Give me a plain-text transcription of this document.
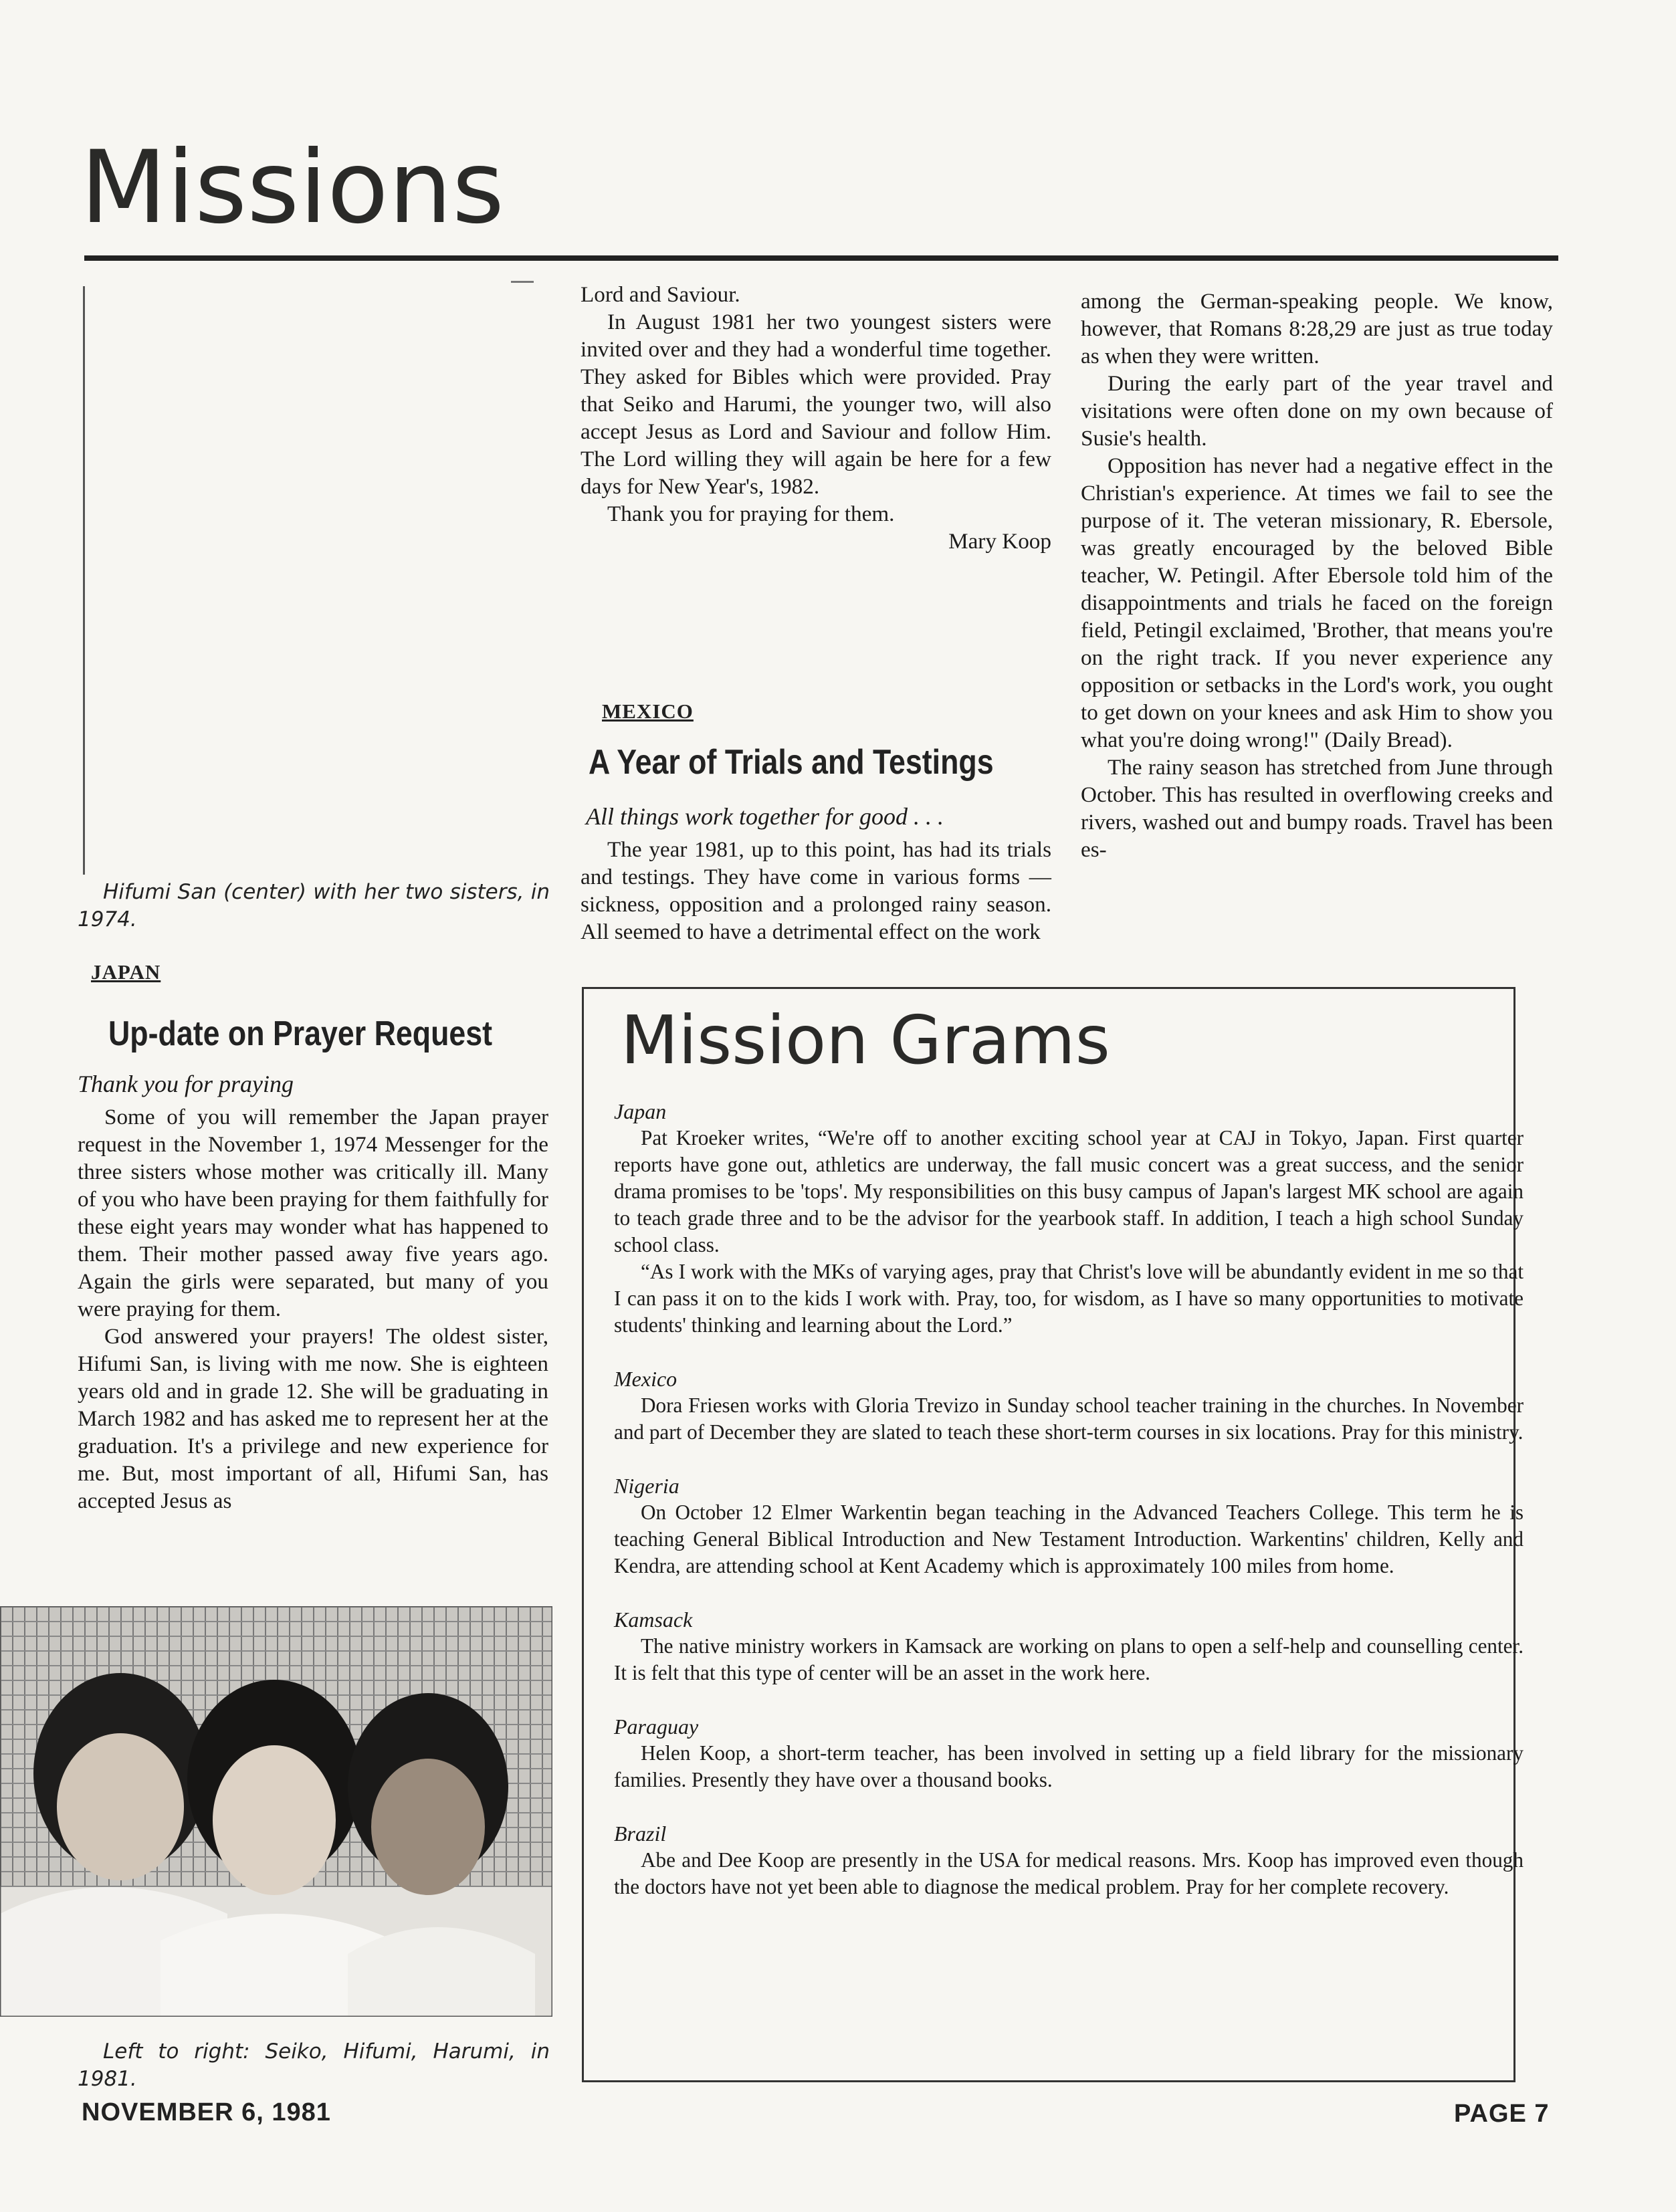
Missions
Hifumi San (center) with her two sisters, in 1974.
JAPAN
Up-date on Prayer Request
Thank you for praying

Some of you will remember the Japan prayer request in the November 1, 1974 Messenger for the three sisters whose mother was critically ill. Many of you who have been praying for them faithfully for these eight years may wonder what has happened to them. Their mother passed away five years ago. Again the girls were separated, but many of you were praying for them.

God answered your prayers! The oldest sister, Hifumi San, is living with me now. She is eighteen years old and in grade 12. She will be graduating in March 1982 and has asked me to represent her at the graduation. It's a privilege and new experience for me. But, most important of all, Hifumi San, has accepted Jesus as

Left to right: Seiko, Hifumi, Harumi, in 1981.

Lord and Saviour.

In August 1981 her two youngest sisters were invited over and they had a wonderful time together. They asked for Bibles which were provided. Pray that Seiko and Harumi, the younger two, will also accept Jesus as Lord and Saviour and follow Him. The Lord willing they will again be here for a few days for New Year's, 1982.

Thank you for praying for them.

Mary Koop

MEXICO
A Year of Trials and Testings
All things work together for good . . .

The year 1981, up to this point, has had its trials and testings. They have come in various forms — sickness, opposition and a prolonged rainy season. All seemed to have a detrimental effect on the work

among the German-speaking people. We know, however, that Romans 8:28,29 are just as true today as when they were written.

During the early part of the year travel and visitations were often done on my own because of Susie's health.

Opposition has never had a negative effect in the Christian's experience. At times we fail to see the purpose of it. The veteran missionary, R. Ebersole, was greatly encouraged by the beloved Bible teacher, W. Petingil. After Ebersole told him of the disappointments and trials he faced on the foreign field, Petingil exclaimed, 'Brother, that means you're on the right track. If you never experience any opposition or setbacks in the Lord's work, you ought to get down on your knees and ask Him to show you what you're doing wrong!" (Daily Bread).

The rainy season has stretched from June through October. This has resulted in overflowing creeks and rivers, washed out and bumpy roads. Travel has been es-

Mission Grams
Japan

Pat Kroeker writes, “We're off to another exciting school year at CAJ in Tokyo, Japan. First quarter reports have gone out, athletics are underway, the fall music concert was a great success, and the senior drama promises to be 'tops'. My responsibilities on this busy campus of Japan's largest MK school are again to teach grade three and to be the advisor for the yearbook staff. In addition, I teach a high school Sunday school class.

“As I work with the MKs of varying ages, pray that Christ's love will be abundantly evident in me so that I can pass it on to the kids I work with. Pray, too, for wisdom, as I have so many opportunities to motivate students' thinking and learning about the Lord.”

Mexico

Dora Friesen works with Gloria Trevizo in Sunday school teacher training in the churches. In November and part of December they are slated to teach these short-term courses in six locations. Pray for this ministry.

Nigeria

On October 12 Elmer Warkentin began teaching in the Advanced Teachers College. This term he is teaching General Biblical Introduction and New Testament Introduction. Warkentins' children, Kelly and Kendra, are attending school at Kent Academy which is approximately 100 miles from home.

Kamsack

The native ministry workers in Kamsack are working on plans to open a self-help and counselling center. It is felt that this type of center will be an asset in the work here.

Paraguay

Helen Koop, a short-term teacher, has been involved in setting up a field library for the missionary families. Presently they have over a thousand books.

Brazil

Abe and Dee Koop are presently in the USA for medical reasons. Mrs. Koop has improved even though the doctors have not yet been able to diagnose the medical problem. Pray for her complete recovery.

NOVEMBER 6, 1981	PAGE 7
